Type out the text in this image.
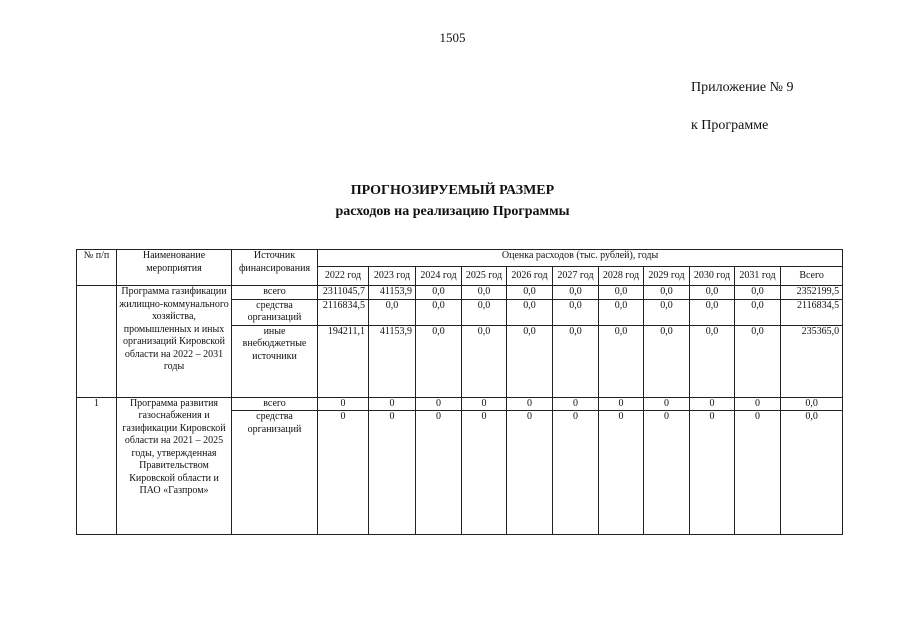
1505
Приложение № 9
к Программе
ПРОГНОЗИРУЕМЫЙ РАЗМЕР
расходов на реализацию Программы
№ п/п	Наименование мероприятия	Источник финансирования	Оценка расходов (тыс. рублей), годы										
			2022 год	2023 год	2024 год	2025 год	2026 год	2027 год	2028 год	2029 год	2030 год	2031 год	Всего
	Программа газификации жилищно-коммунального хозяйства, промышленных и иных организаций Кировской области на 2022 – 2031 годы	всего	2311045,7	41153,9	0,0	0,0	0,0	0,0	0,0	0,0	0,0	0,0	2352199,5
		средства организаций	2116834,5	0,0	0,0	0,0	0,0	0,0	0,0	0,0	0,0	0,0	2116834,5
		иные внебюджетные источники	194211,1	41153,9	0,0	0,0	0,0	0,0	0,0	0,0	0,0	0,0	235365,0
1	Программа развития газоснабжения и газификации Кировской области на 2021 – 2025 годы, утвержденная Правительством Кировской области и ПАО «Газпром»	всего	0	0	0	0	0	0	0	0	0	0	0,0
		средства организаций	0	0	0	0	0	0	0	0	0	0	0,0
